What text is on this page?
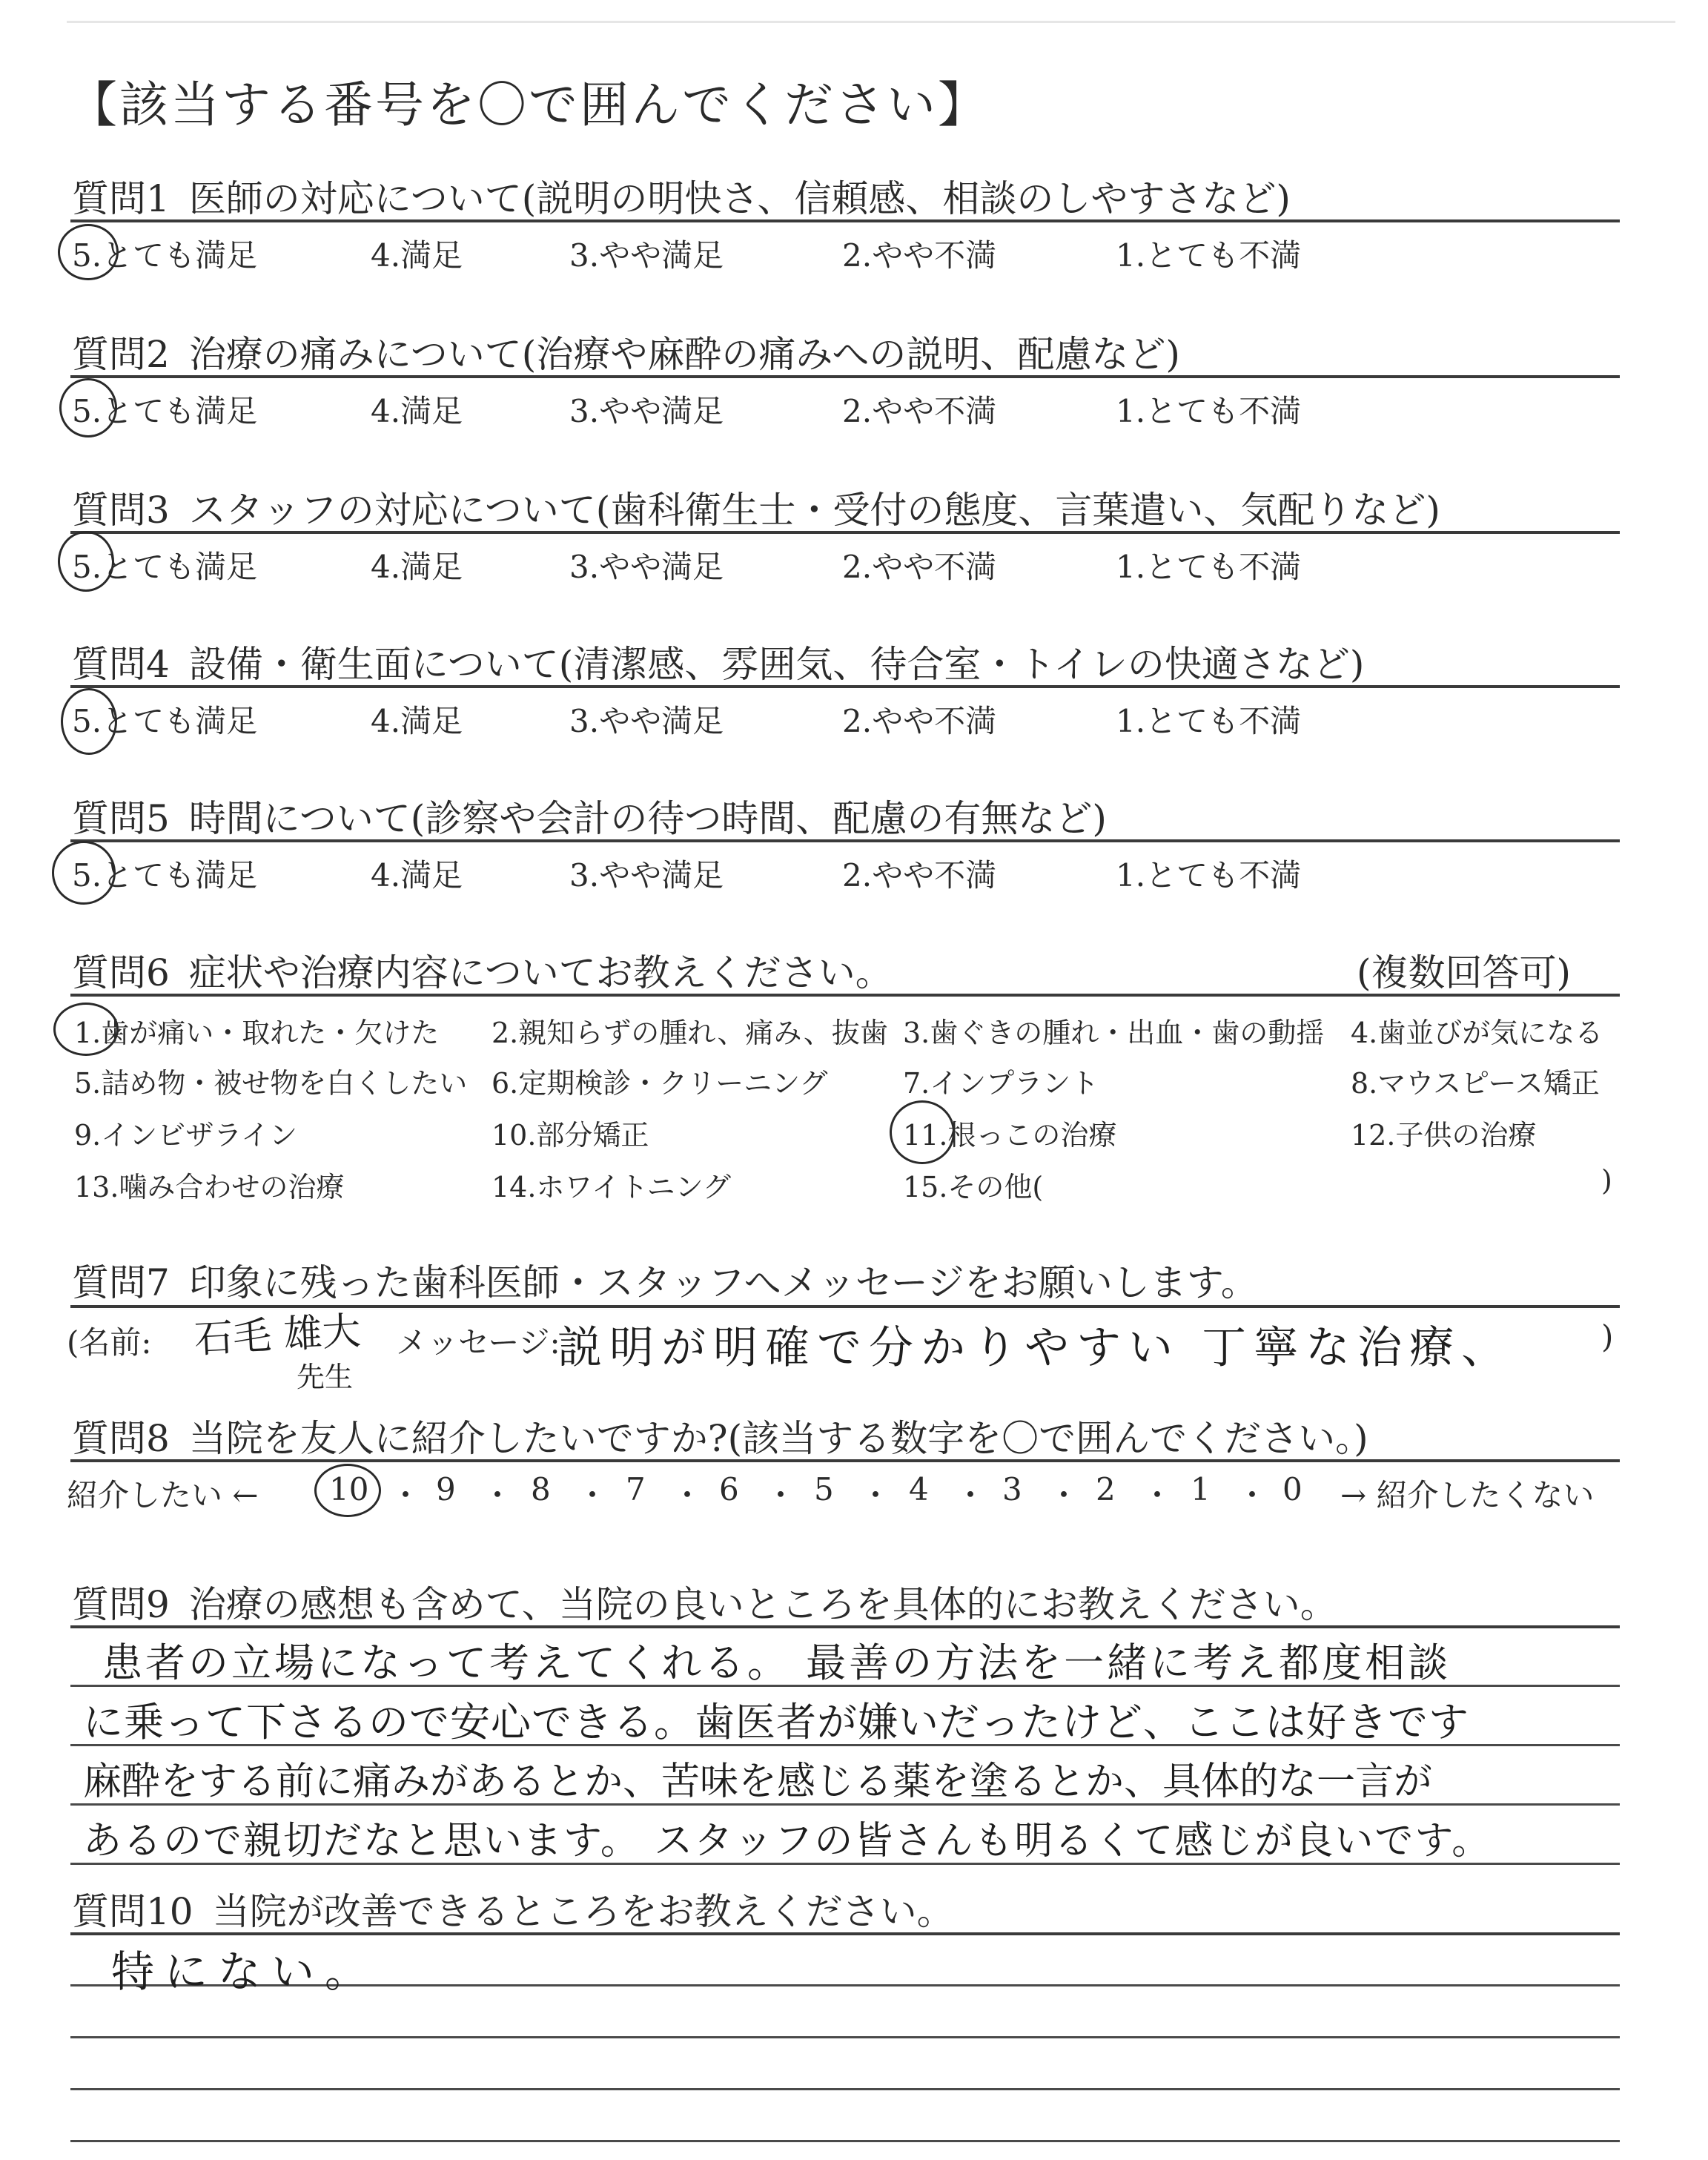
【該当する番号を〇で囲んでください】
質問1 医師の対応について(説明の明快さ、信頼感、相談のしやすさなど)
5.とても満足	4.満足	3.やや満足	2.やや不満	1.とても不満
質問2 治療の痛みについて(治療や麻酔の痛みへの説明、配慮など)
5.とても満足	4.満足	3.やや満足	2.やや不満	1.とても不満
質問3 スタッフの対応について(歯科衛生士・受付の態度、言葉遣い、気配りなど)
5.とても満足	4.満足	3.やや満足	2.やや不満	1.とても不満
質問4 設備・衛生面について(清潔感、雰囲気、待合室・トイレの快適さなど)
5.とても満足	4.満足	3.やや満足	2.やや不満	1.とても不満
質問5 時間について(診察や会計の待つ時間、配慮の有無など)
5.とても満足	4.満足	3.やや満足	2.やや不満	1.とても不満
質問6 症状や治療内容についてお教えください。	(複数回答可)
1.歯が痛い・取れた・欠けた 2.親知らずの腫れ、痛み、抜歯 3.歯ぐきの腫れ・出血・歯の動揺 4.歯並びが気になる
5.詰め物・被せ物を白くしたい 6.定期検診・クリーニング	7.インプラント	8.マウスピース矯正
9.インビザライン	10.部分矯正	11.根っこの治療	12.子供の治療
13.噛み合わせの治療	14.ホワイトニング	15.その他(	)
質問7 印象に残った歯科医師・スタッフへメッセージをお願いします。
(名前: 石毛 雄大
先生
メッセージ:
説明が明確で分かりやすい 丁寧な治療、	)
質問8 当院を友人に紹介したいですか?(該当する数字を〇で囲んでください。)
紹介したい ← 10 ・ 9 ・ 8 ・ 7 ・ 6 ・ 5 ・ 4 ・ 3 ・ 2 ・ 1 ・ 0 → 紹介したくない
質問9 治療の感想も含めて、当院の良いところを具体的にお教えください。
患者の立場になって考えてくれる。 最善の方法を一緒に考え都度相談
に乗って下さるので安心できる。歯医者が嫌いだったけど、ここは好きです
麻酔をする前に痛みがあるとか、苦味を感じる薬を塗るとか、具体的な一言が
あるので親切だなと思います。 スタッフの皆さんも明るくて感じが良いです。
質問10 当院が改善できるところをお教えください。
特にない。
